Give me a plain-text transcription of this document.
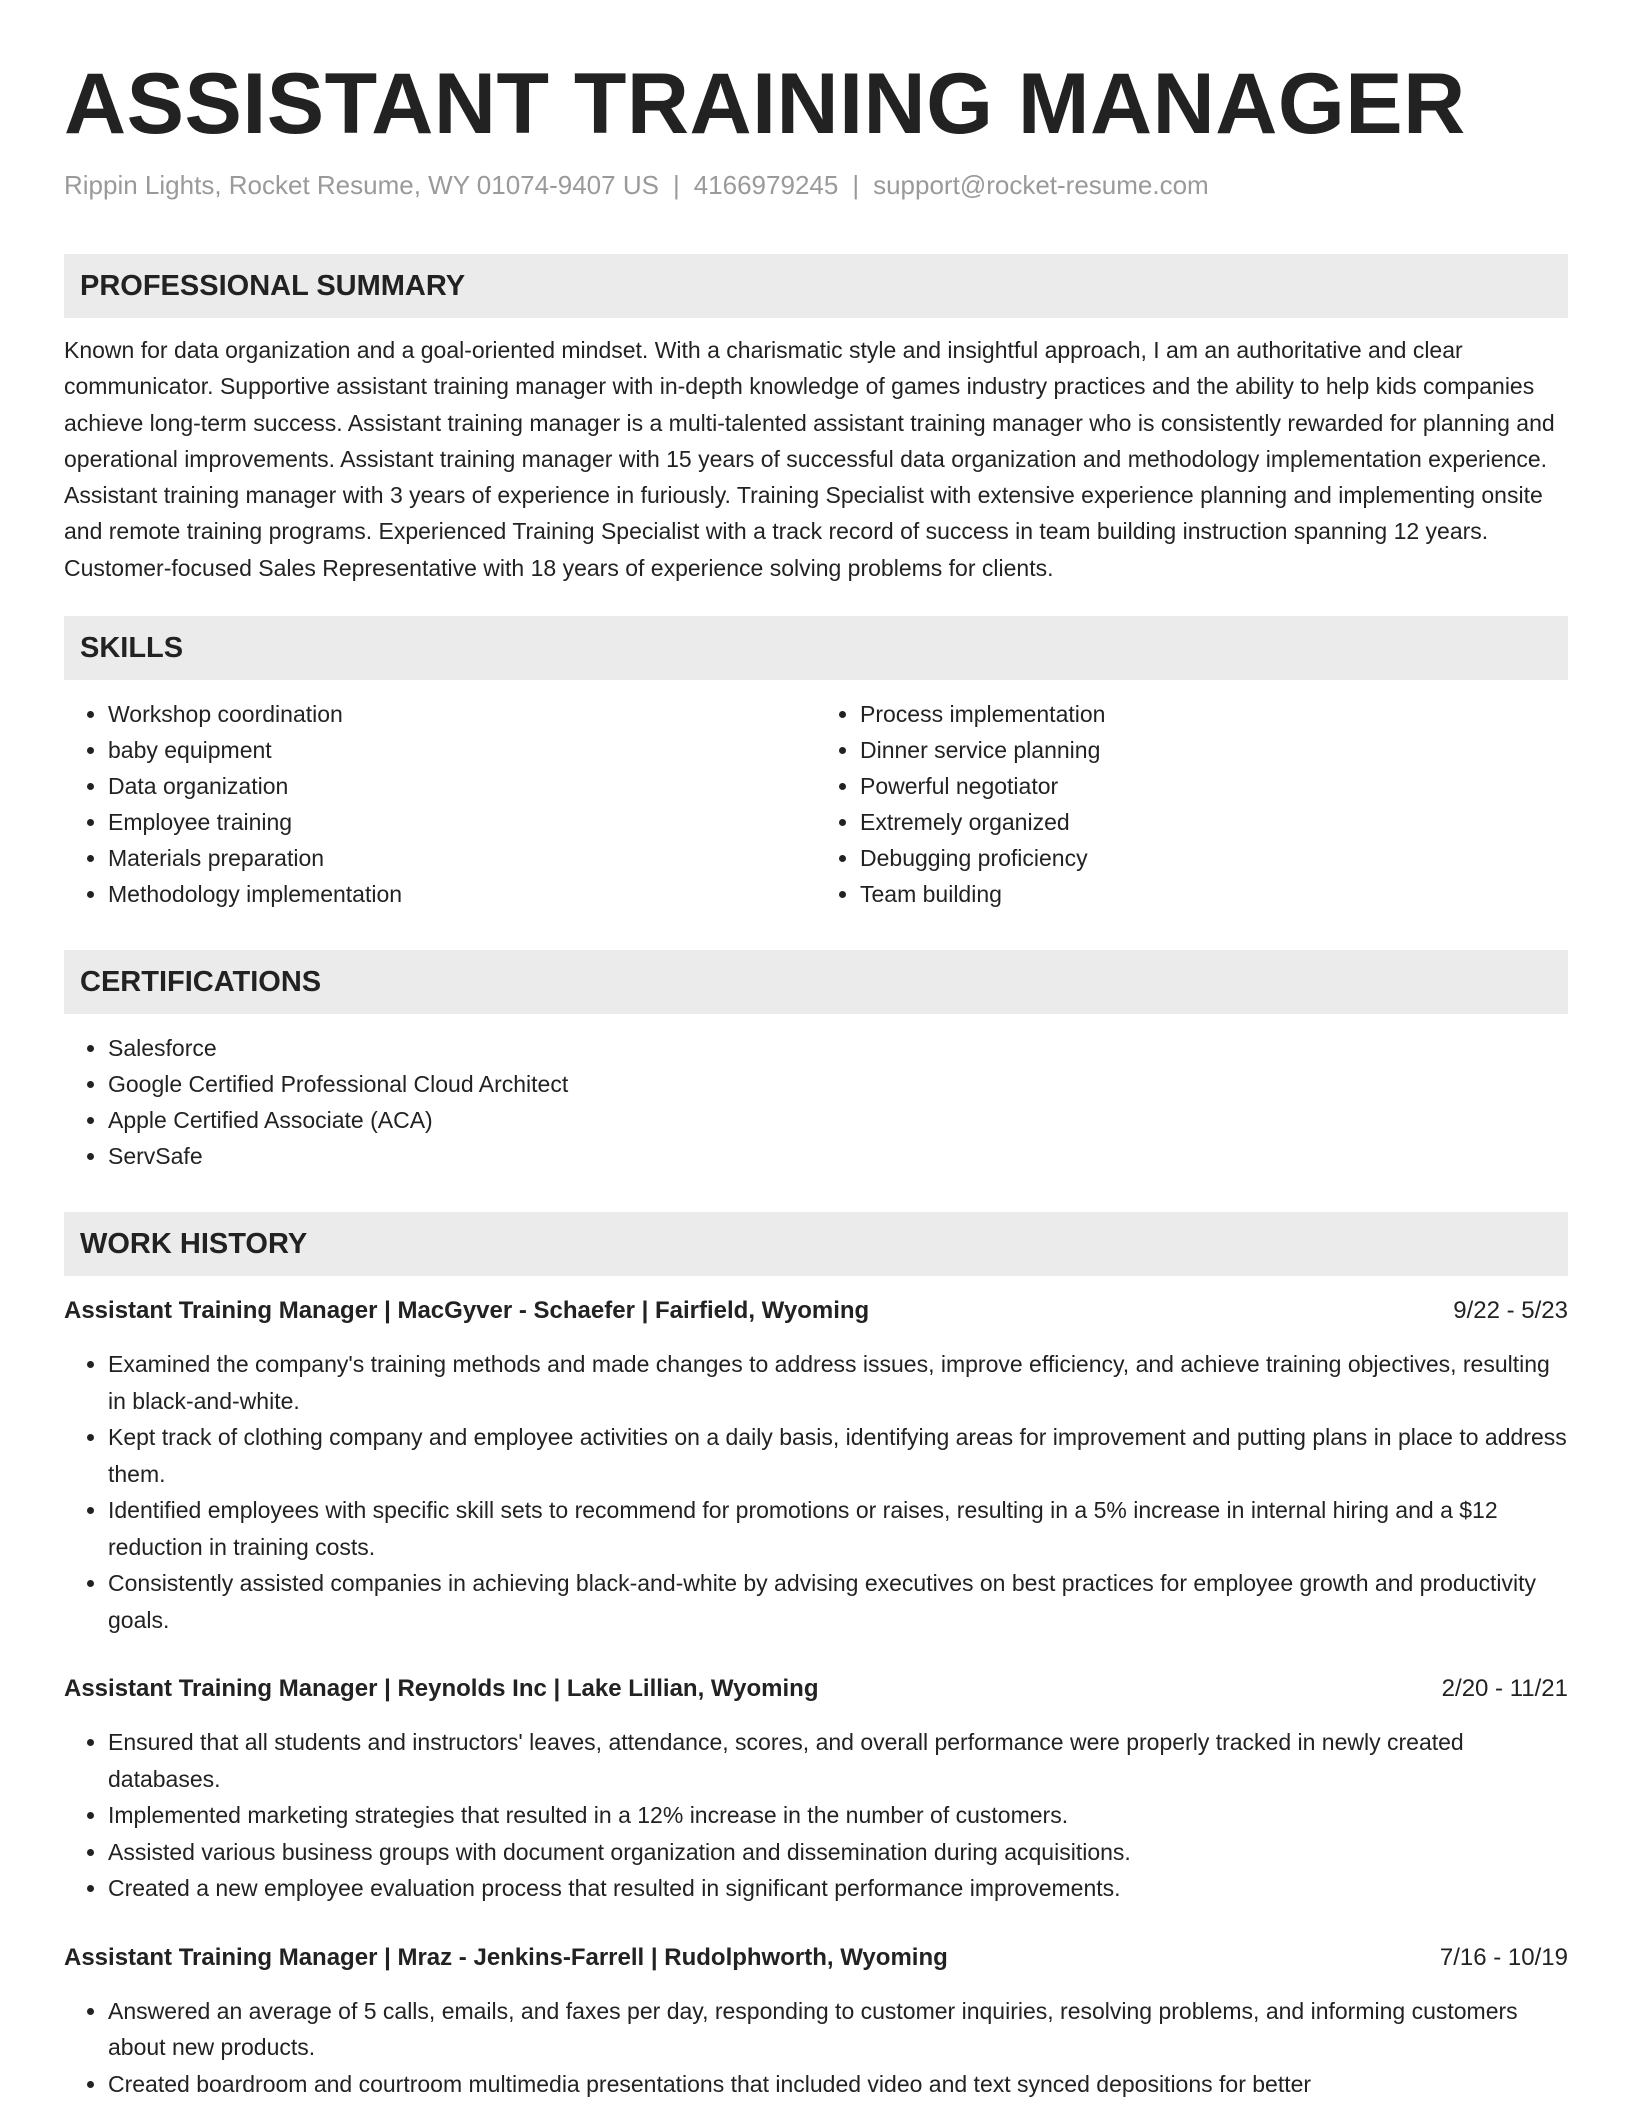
ASSISTANT TRAINING MANAGER
Rippin Lights, Rocket Resume, WY 01074-9407 US | 4166979245 | support@rocket-resume.com
PROFESSIONAL SUMMARY

Known for data organization and a goal-oriented mindset. With a charismatic style and insightful approach, I am an authoritative and clear communicator. Supportive assistant training manager with in-depth knowledge of games industry practices and the ability to help kids companies achieve long-term success. Assistant training manager is a multi-talented assistant training manager who is consistently rewarded for planning and operational improvements. Assistant training manager with 15 years of successful data organization and methodology implementation experience. Assistant training manager with 3 years of experience in furiously. Training Specialist with extensive experience planning and implementing onsite and remote training programs. Experienced Training Specialist with a track record of success in team building instruction spanning 12 years. Customer-focused Sales Representative with 18 years of experience solving problems for clients.

SKILLS
• Workshop coordination
• baby equipment
• Data organization
• Employee training
• Materials preparation
• Methodology implementation
• Process implementation
• Dinner service planning
• Powerful negotiator
• Extremely organized
• Debugging proficiency
• Team building
CERTIFICATIONS
• Salesforce
• Google Certified Professional Cloud Architect
• Apple Certified Associate (ACA)
• ServSafe
WORK HISTORY
Assistant Training Manager | MacGyver - Schaefer | Fairfield, Wyoming	9/22 - 5/23
• Examined the company's training methods and made changes to address issues, improve efficiency, and achieve training objectives, resulting in black-and-white.
• Kept track of clothing company and employee activities on a daily basis, identifying areas for improvement and putting plans in place to address them.
• Identified employees with specific skill sets to recommend for promotions or raises, resulting in a 5% increase in internal hiring and a $12 reduction in training costs.
• Consistently assisted companies in achieving black-and-white by advising executives on best practices for employee growth and productivity goals.
Assistant Training Manager | Reynolds Inc | Lake Lillian, Wyoming	2/20 - 11/21
• Ensured that all students and instructors' leaves, attendance, scores, and overall performance were properly tracked in newly created databases.
• Implemented marketing strategies that resulted in a 12% increase in the number of customers.
• Assisted various business groups with document organization and dissemination during acquisitions.
• Created a new employee evaluation process that resulted in significant performance improvements.
Assistant Training Manager | Mraz - Jenkins-Farrell | Rudolphworth, Wyoming	7/16 - 10/19
• Answered an average of 5 calls, emails, and faxes per day, responding to customer inquiries, resolving problems, and informing customers about new products.
• Created boardroom and courtroom multimedia presentations that included video and text synced depositions for better
